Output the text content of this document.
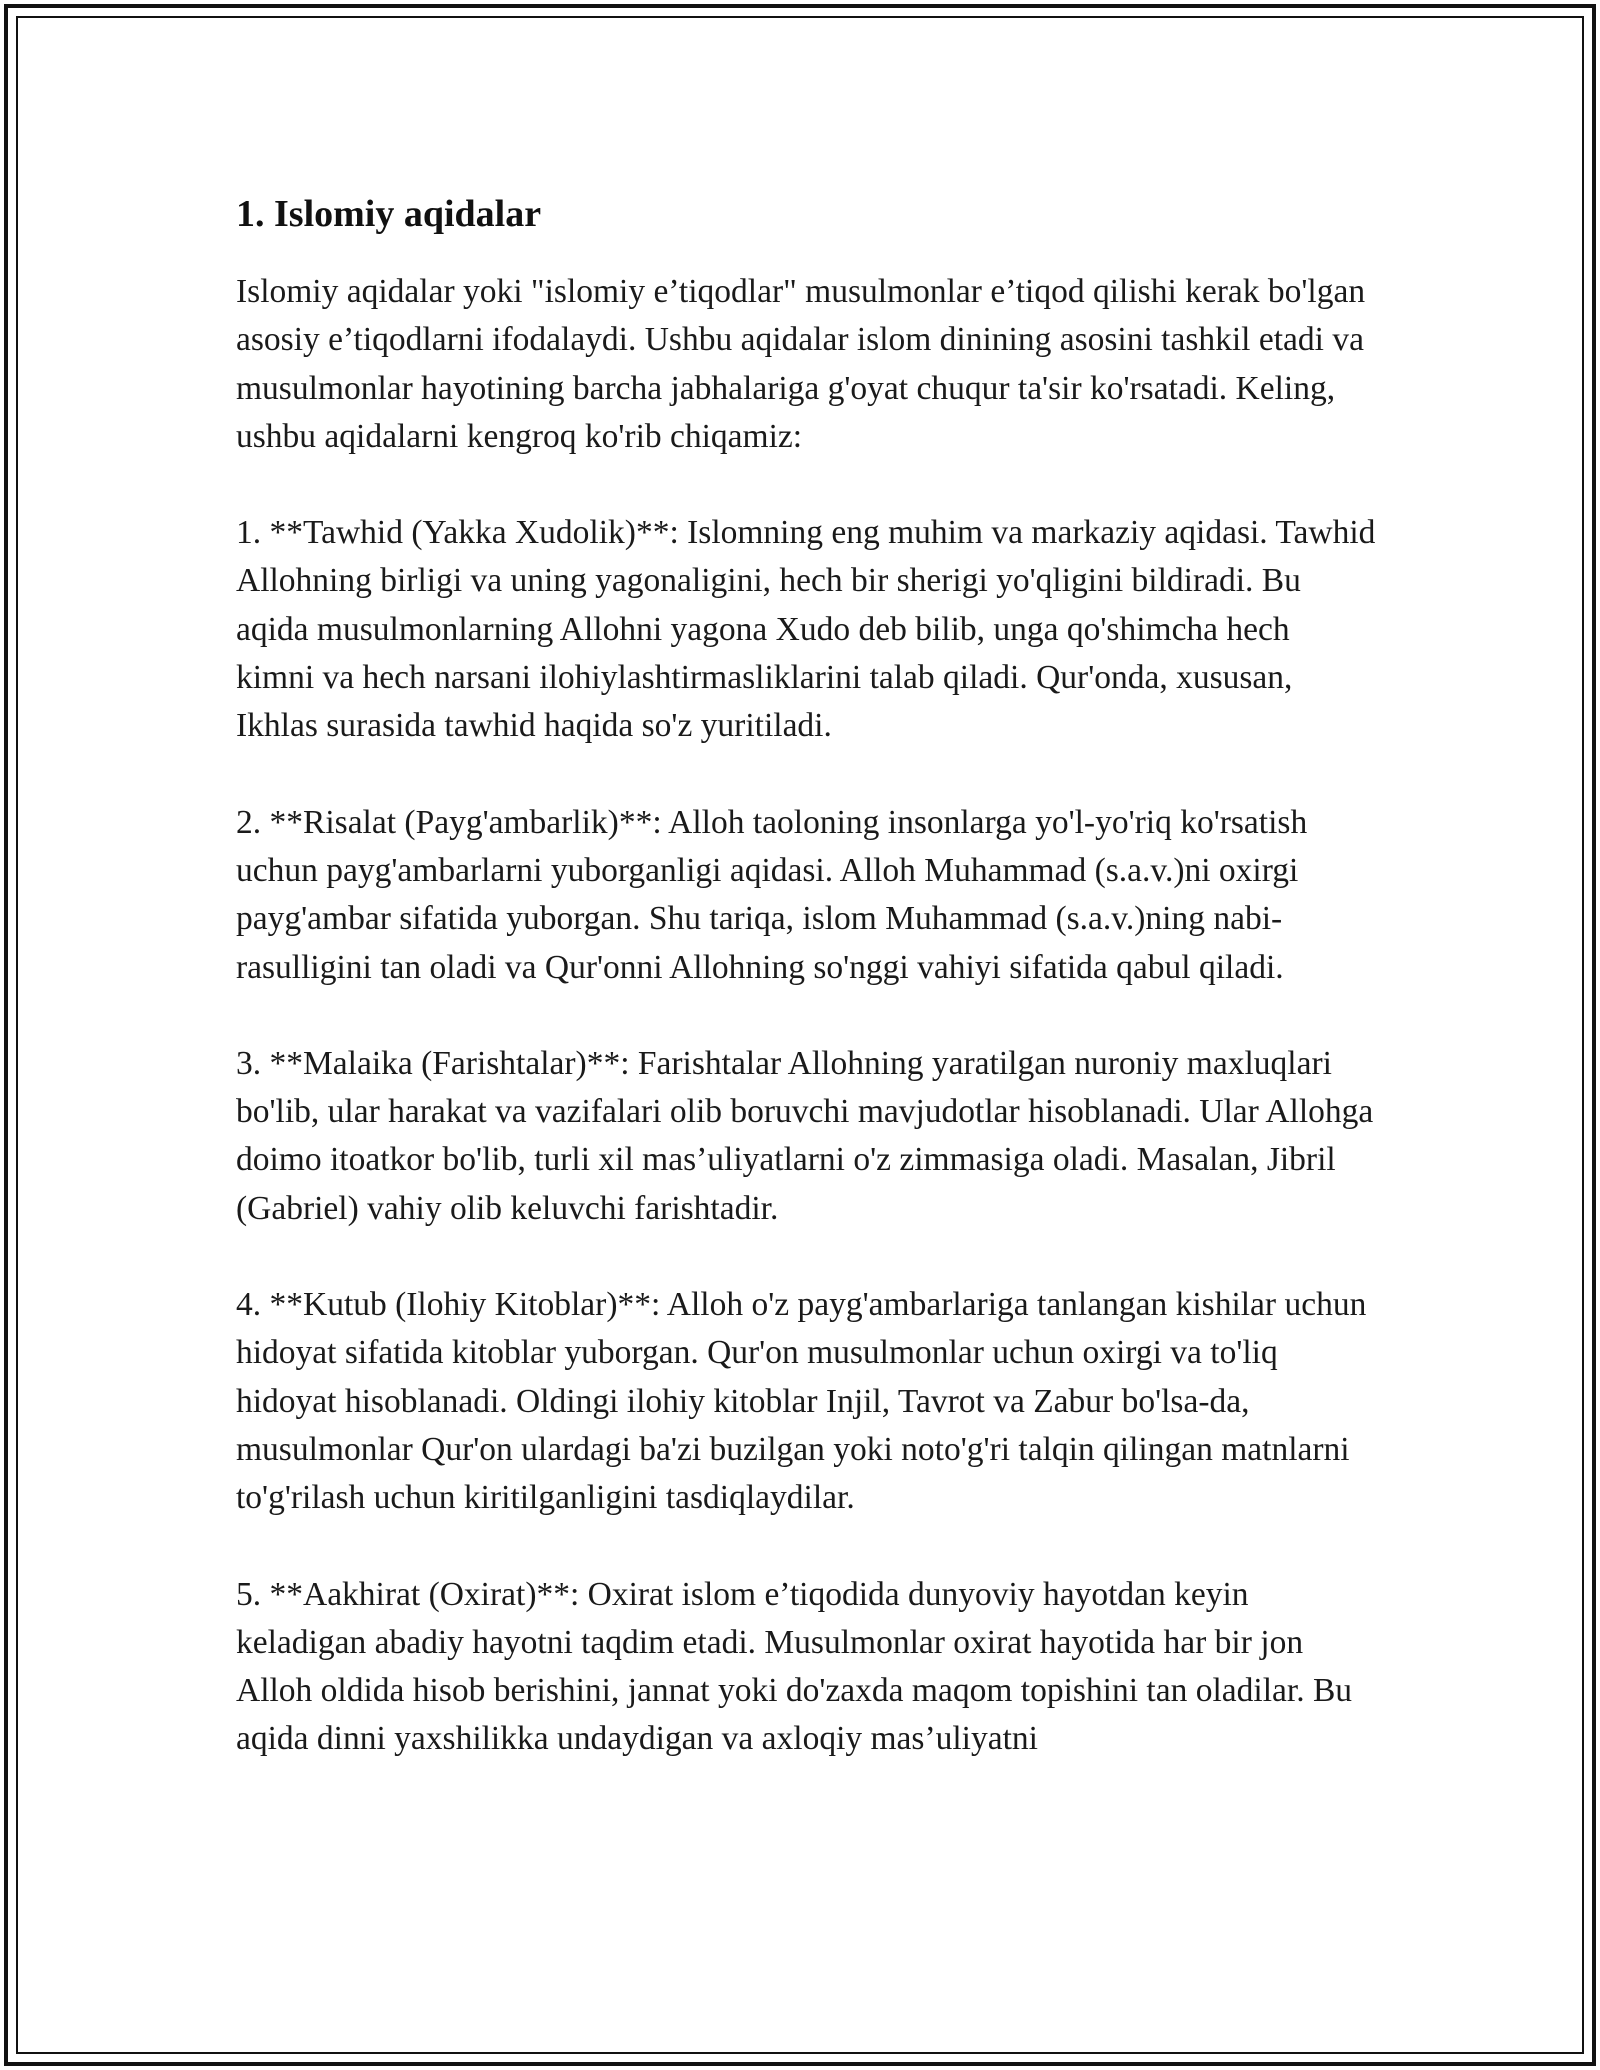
1. Islomiy aqidalar

Islomiy aqidalar yoki "islomiy e’tiqodlar" musulmonlar e’tiqod qilishi kerak bo'lgan asosiy e’tiqodlarni ifodalaydi. Ushbu aqidalar islom dinining asosini tashkil etadi va musulmonlar hayotining barcha jabhalariga g'oyat chuqur ta'sir ko'rsatadi. Keling, ushbu aqidalarni kengroq ko'rib chiqamiz:

1. **Tawhid (Yakka Xudolik)**: Islomning eng muhim va markaziy aqidasi. Tawhid Allohning birligi va uning yagonaligini, hech bir sherigi yo'qligini bildiradi. Bu aqida musulmonlarning Allohni yagona Xudo deb bilib, unga qo'shimcha hech kimni va hech narsani ilohiylashtirmasliklarini talab qiladi. Qur'onda, xususan, Ikhlas surasida tawhid haqida so'z yuritiladi.

2. **Risalat (Payg'ambarlik)**: Alloh taoloning insonlarga yo'l-yo'riq ko'rsatish uchun payg'ambarlarni yuborganligi aqidasi. Alloh Muhammad (s.a.v.)ni oxirgi payg'ambar sifatida yuborgan. Shu tariqa, islom Muhammad (s.a.v.)ning nabi-rasulligini tan oladi va Qur'onni Allohning so'nggi vahiyi sifatida qabul qiladi.

3. **Malaika (Farishtalar)**: Farishtalar Allohning yaratilgan nuroniy maxluqlari bo'lib, ular harakat va vazifalari olib boruvchi mavjudotlar hisoblanadi. Ular Allohga doimo itoatkor bo'lib, turli xil mas’uliyatlarni o'z zimmasiga oladi. Masalan, Jibril (Gabriel) vahiy olib keluvchi farishtadir.

4. **Kutub (Ilohiy Kitoblar)**: Alloh o'z payg'ambarlariga tanlangan kishilar uchun hidoyat sifatida kitoblar yuborgan. Qur'on musulmonlar uchun oxirgi va to'liq hidoyat hisoblanadi. Oldingi ilohiy kitoblar Injil, Tavrot va Zabur bo'lsa-da, musulmonlar Qur'on ulardagi ba'zi buzilgan yoki noto'g'ri talqin qilingan matnlarni to'g'rilash uchun kiritilganligini tasdiqlaydilar.

5. **Aakhirat (Oxirat)**: Oxirat islom e’tiqodida dunyoviy hayotdan keyin keladigan abadiy hayotni taqdim etadi. Musulmonlar oxirat hayotida har bir jon Alloh oldida hisob berishini, jannat yoki do'zaxda maqom topishini tan oladilar. Bu aqida dinni yaxshilikka undaydigan va axloqiy mas’uliyatni
